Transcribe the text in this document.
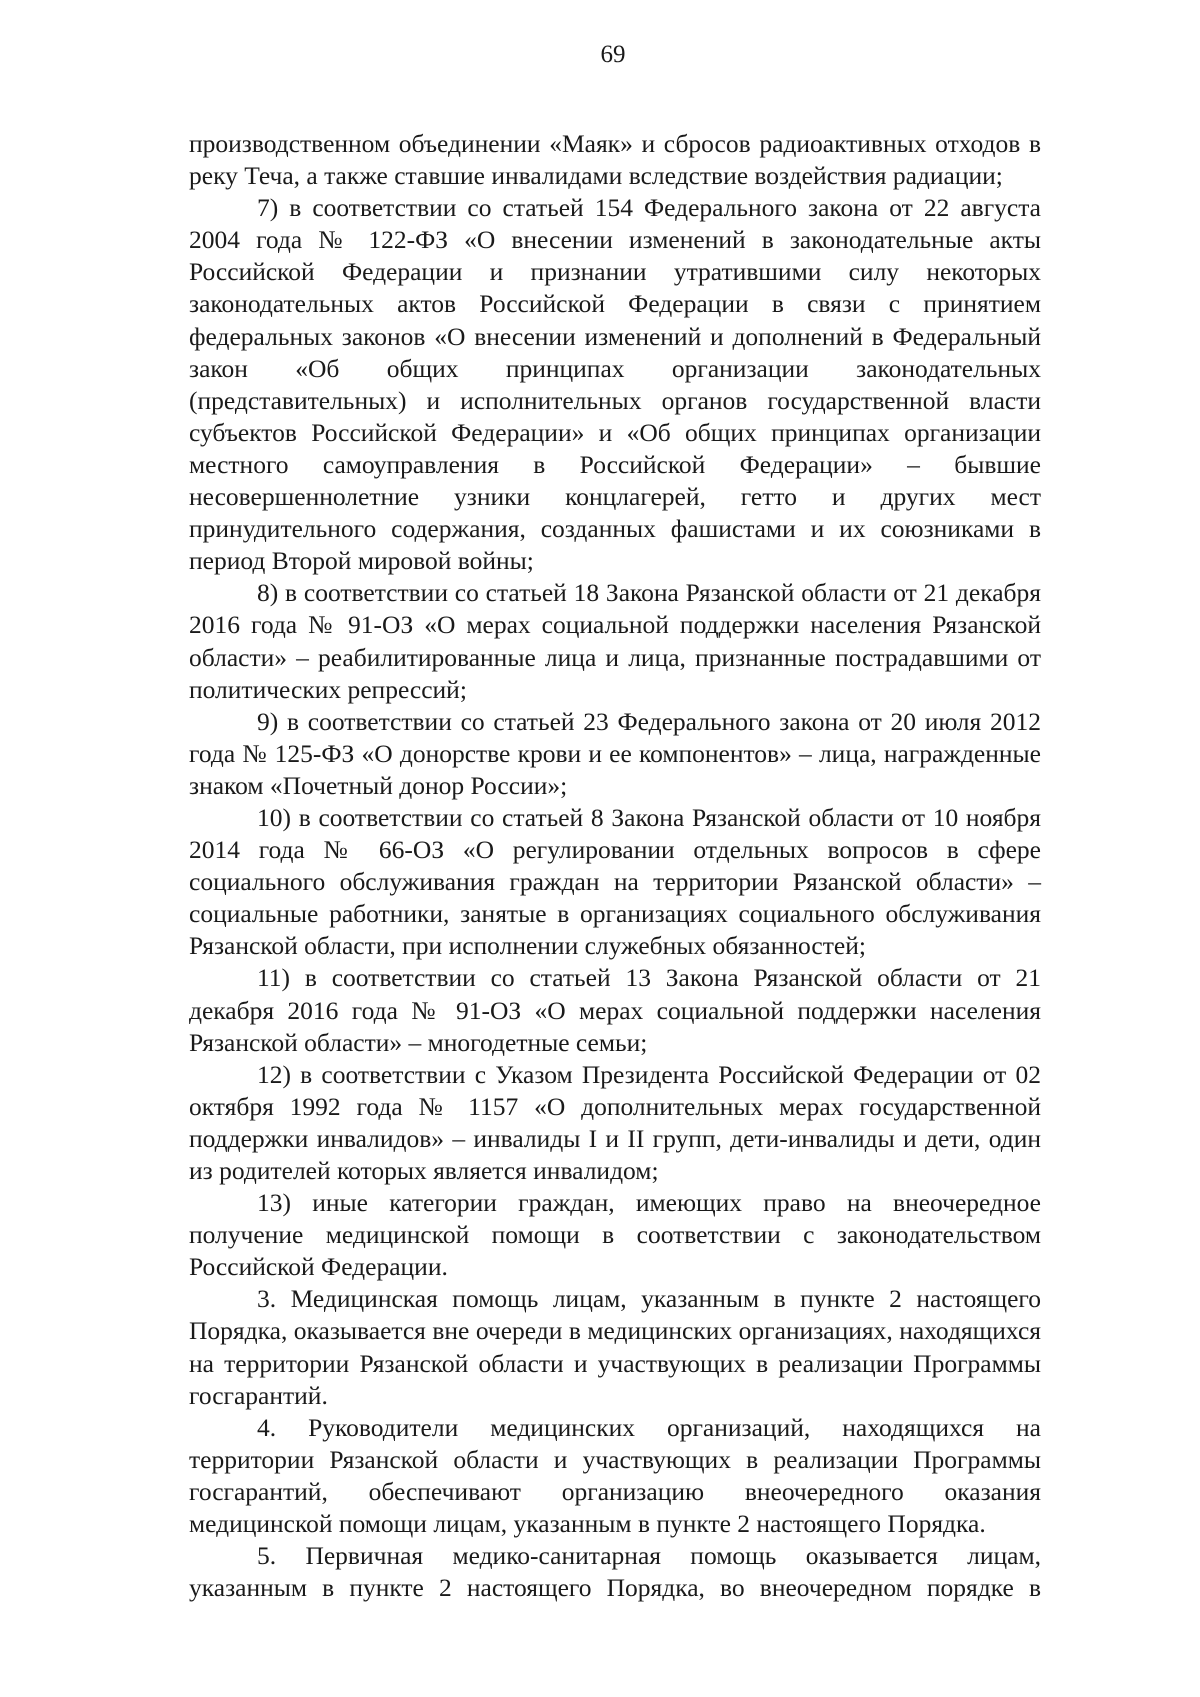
69

производственном объединении «Маяк» и сбросов радиоактивных отходов в реку Теча, а также ставшие инвалидами вследствие воздействия радиации;

7) в соответствии со статьей 154 Федерального закона от 22 августа 2004 года № 122-ФЗ «О внесении изменений в законодательные акты Российской Федерации и признании утратившими силу некоторых законодательных актов Российской Федерации в связи с принятием федеральных законов «О внесении изменений и дополнений в Федеральный закон «Об общих принципах организации законодательных (представительных) и исполнительных органов государственной власти субъектов Российской Федерации» и «Об общих принципах организации местного самоуправления в Российской Федерации» – бывшие несовершеннолетние узники концлагерей, гетто и других мест принудительного содержания, созданных фашистами и их союзниками в период Второй мировой войны;

8) в соответствии со статьей 18 Закона Рязанской области от 21 декабря 2016 года № 91-ОЗ «О мерах социальной поддержки населения Рязанской области» – реабилитированные лица и лица, признанные пострадавшими от политических репрессий;

9) в соответствии со статьей 23 Федерального закона от 20 июля 2012 года № 125-ФЗ «О донорстве крови и ее компонентов» – лица, награжденные знаком «Почетный донор России»;

10) в соответствии со статьей 8 Закона Рязанской области от 10 ноября 2014 года № 66-ОЗ «О регулировании отдельных вопросов в сфере социального обслуживания граждан на территории Рязанской области» – социальные работники, занятые в организациях социального обслуживания Рязанской области, при исполнении служебных обязанностей;

11) в соответствии со статьей 13 Закона Рязанской области от 21 декабря 2016 года № 91-ОЗ «О мерах социальной поддержки населения Рязанской области» – многодетные семьи;

12) в соответствии с Указом Президента Российской Федерации от 02 октября 1992 года № 1157 «О дополнительных мерах государственной поддержки инвалидов» – инвалиды I и II групп, дети-инвалиды и дети, один из родителей которых является инвалидом;

13) иные категории граждан, имеющих право на внеочередное получение медицинской помощи в соответствии с законодательством Российской Федерации.

3. Медицинская помощь лицам, указанным в пункте 2 настоящего Порядка, оказывается вне очереди в медицинских организациях, находящихся на территории Рязанской области и участвующих в реализации Программы госгарантий.

4. Руководители медицинских организаций, находящихся на территории Рязанской области и участвующих в реализации Программы госгарантий, обеспечивают организацию внеочередного оказания медицинской помощи лицам, указанным в пункте 2 настоящего Порядка.

5. Первичная медико-санитарная помощь оказывается лицам, указанным в пункте 2 настоящего Порядка, во внеочередном порядке в
